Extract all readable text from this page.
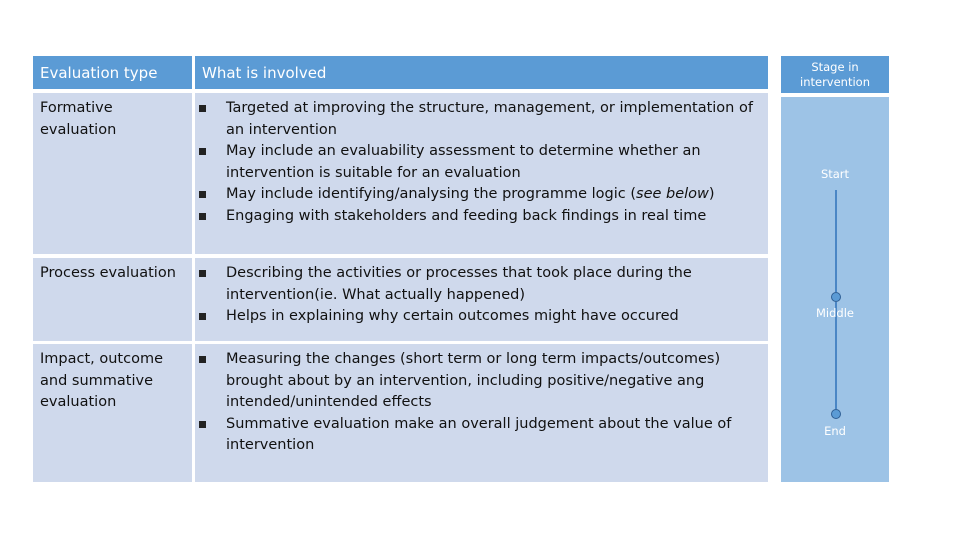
Evaluation type	What is involved
Formative evaluation
Targeted at improving the structure, management, or implementation of an intervention
May include an evaluability assessment to determine whether an intervention is suitable for an evaluation
May include identifying/analysing the programme logic (see below)
Engaging with stakeholders and feeding back findings in real time
Process evaluation	Describing the activities or processes that took place during the intervention(ie. What actually happened)
Helps in explaining why certain outcomes might have occured
Impact, outcome and summative evaluation
Measuring the changes (short term or long term impacts/outcomes) brought about by an intervention, including positive/negative ang intended/unintended effects
Summative evaluation make an overall judgement about the value of intervention
Stage in intervention
Start
Middle
End
